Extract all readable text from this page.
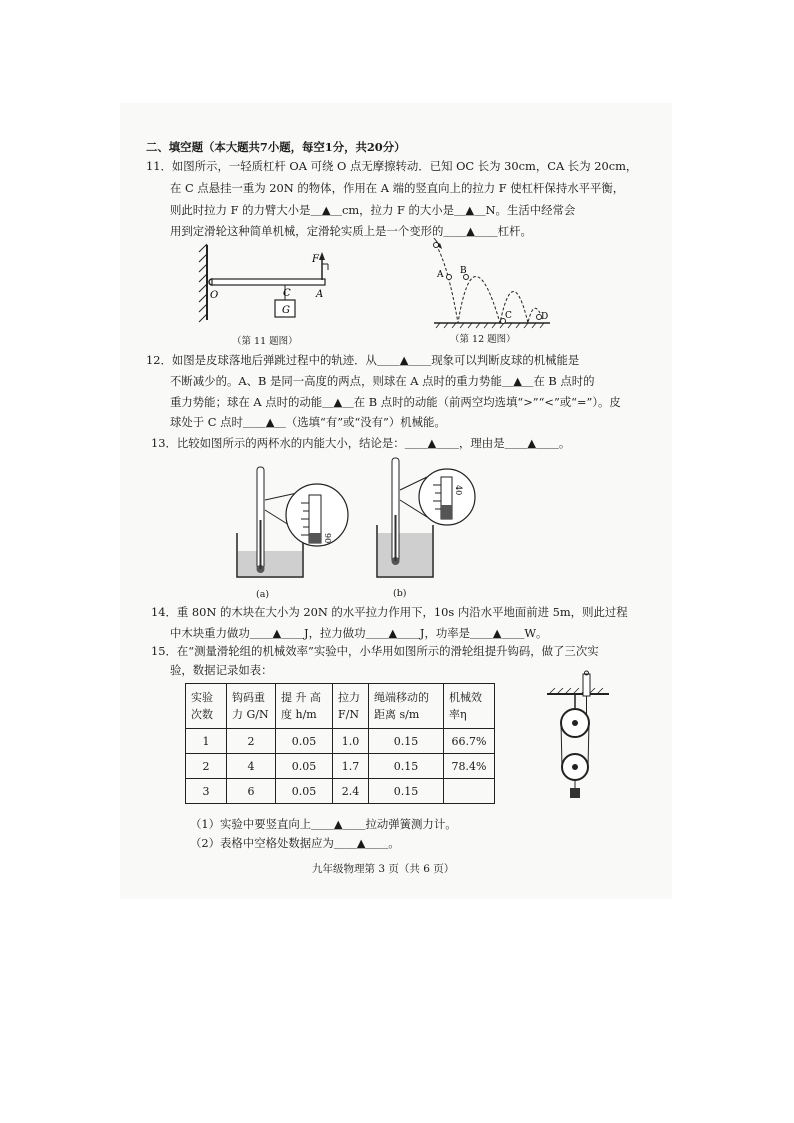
二、填空题（本大题共7小题，每空1分，共20分）
11．如图所示，一轻质杠杆 OA 可绕 O 点无摩擦转动．已知 OC 长为 30cm，CA 长为 20cm，
在 C 点悬挂一重为 20N 的物体，作用在 A 端的竖直向上的拉力 F 使杠杆保持水平平衡，
则此时拉力 F 的力臂大小是＿▲＿cm，拉力 F 的大小是＿▲＿N。生活中经常会
用到定滑轮这种简单机械，定滑轮实质上是一个变形的＿＿▲＿＿杠杆。
G
O	C	A
F
（第 11 题图）
A B
C	D
（第 12 题图）
12．如图是皮球落地后弹跳过程中的轨迹．从＿＿▲＿＿现象可以判断皮球的机械能是
不断减少的。A、B 是同一高度的两点，则球在 A 点时的重力势能＿▲＿在 B 点时的
重力势能；球在 A 点时的动能＿▲＿在 B 点时的动能（前两空均选填“>”“<”或“=”）。皮
球处于 C 点时＿＿▲＿（选填“有”或“没有”）机械能。
13．比较如图所示的两杯水的内能大小，结论是：＿＿▲＿＿，理由是＿＿▲＿＿。
90
(a)
40
(b)
14．重 80N 的木块在大小为 20N 的水平拉力作用下，10s 内沿水平地面前进 5m，则此过程
中木块重力做功＿＿▲＿＿J，拉力做功＿＿▲＿＿J，功率是＿＿▲＿＿W。
15．在“测量滑轮组的机械效率”实验中，小华用如图所示的滑轮组提升钩码，做了三次实
验，数据记录如表：
实验次数	钩码重力 G/N	提 升 高度 h/m	拉力 F/N	绳端移动的距离 s/m	机械效率η
1	2	0.05	1.0	0.15	66.7%
2	4	0.05	1.7	0.15	78.4%
3	6	0.05	2.4	0.15	
（1）实验中要竖直向上＿＿▲＿＿拉动弹簧测力计。
（2）表格中空格处数据应为＿＿▲＿＿。
九年级物理第 3 页（共 6 页）
